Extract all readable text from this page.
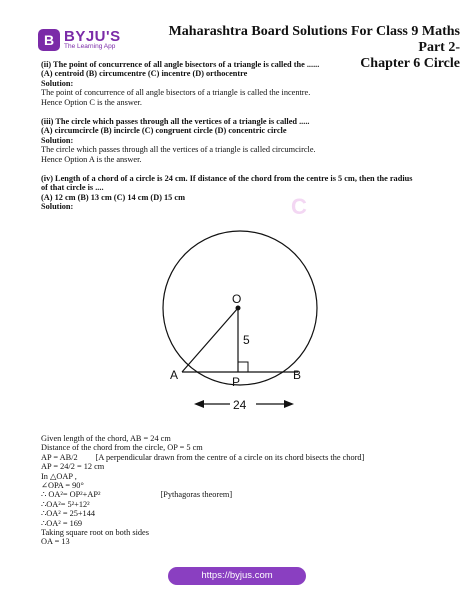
B BYJU'S
The Learning App
Maharashtra Board Solutions For Class 9 Maths Part 2-
Chapter 6 Circle
C

(ii) The point of concurrence of all angle bisectors of a triangle is called the ......

(A) centroid (B) circumcentre (C) incentre (D) orthocentre

Solution:

The point of concurrence of all angle bisectors of a triangle is called the incentre.

Hence Option C is the answer.

(iii) The circle which passes through all the vertices of a triangle is called .....

(A) circumcircle (B) incircle (C) congruent circle (D) concentric circle

Solution:

The circle which passes through all the vertices of a triangle is called circumcircle.

Hence Option A is the answer.

(iv) Length of a chord of a circle is 24 cm. If distance of the chord from the centre is 5 cm, then the radius

of that circle is ....

(A) 12 cm (B) 13 cm (C) 14 cm (D) 15 cm

Solution:

O
5
A	B
P
24

Given length of the chord, AB = 24 cm

Distance of the chord from the circle, OP = 5 cm

AP = AB/2 [A perpendicular drawn from the centre of a circle on its chord bisects the chord]

AP = 24/2 = 12 cm

In △OAP ,

∠OPA = 90°

∴ OA²= OP²+AP²	[Pythagoras theorem]

∴OA²= 5²+12²

∴OA² = 25+144

∴OA² = 169

Taking square root on both sides

OA = 13

https://byjus.com
